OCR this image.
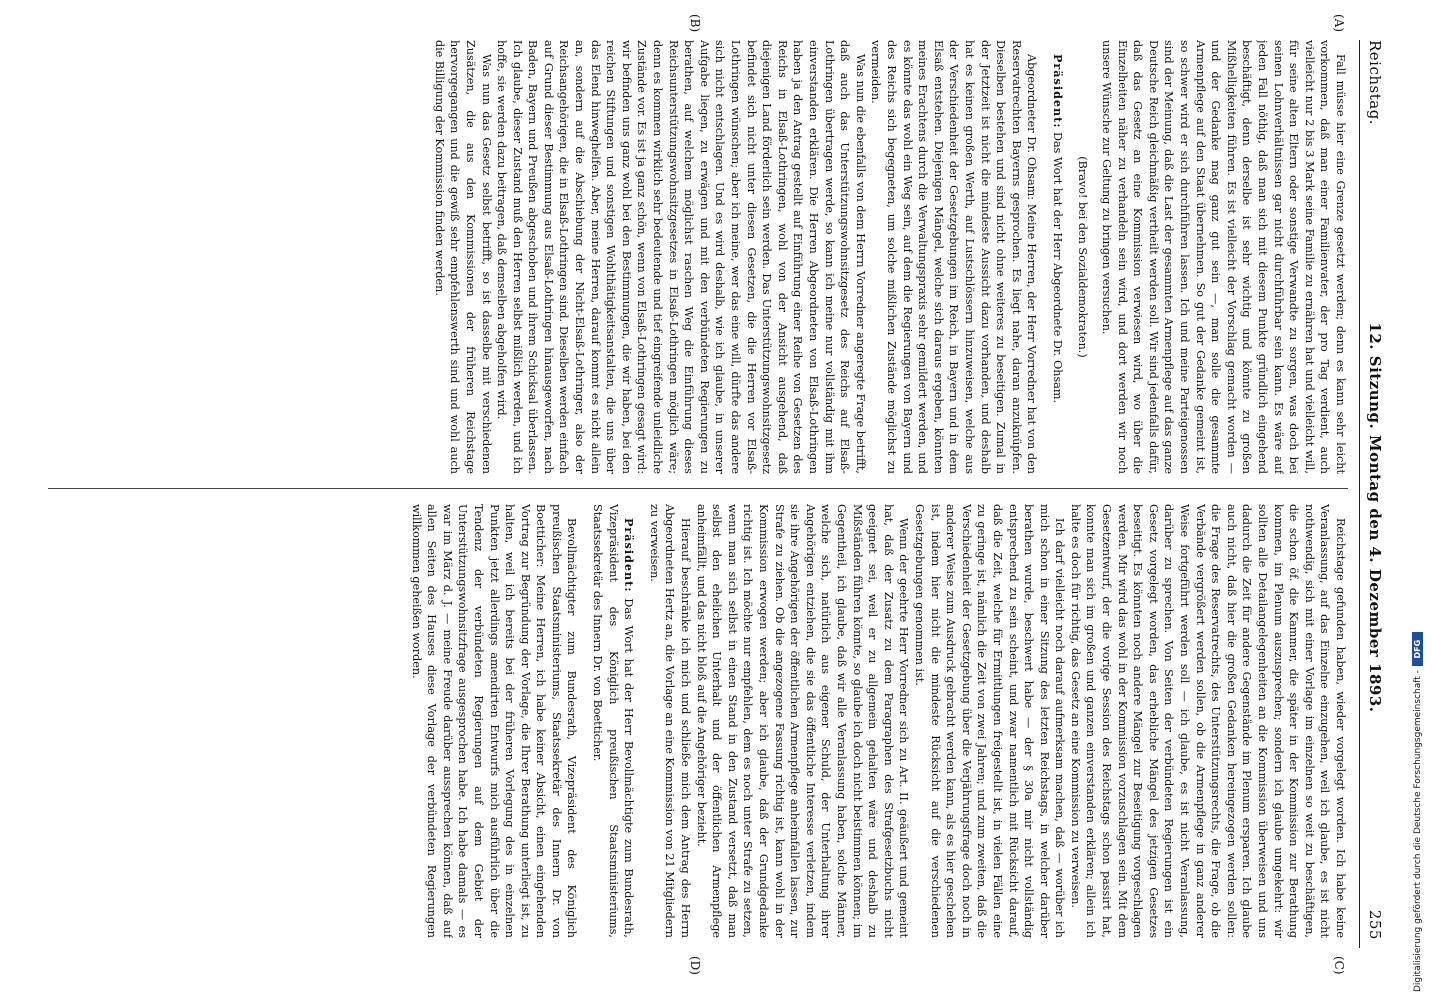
Reichstag.
12. Sitzung. Montag den 4. Dezember 1893.
255
(A)
(B)
(C)
(D)

Fall müsse hier eine Grenze gesetzt werden; denn es kann sehr leicht vorkommen, daß man einer Familienvater, der pro Tag verdient, auch vielleicht nur 2 bis 3 Mark seine Familie zu ernähren hat und vielleicht will, für seine alten Eltern oder sonstige Verwandte zu sorgen, was doch bei seinen Lohnverhältnissen gar nicht durchführbar sein kann. Es wäre auf jeden Fall nöthig, daß man sich mit diesem Punkte gründlich eingehend beschäftigt, denn derselbe ist sehr wichtig und könnte zu großen Mißhelligkeiten führen. Es ist vielleicht der Vorschlag gemacht worden — und der Gedanke mag ganz gut sein —, man solle die gesammte Armenpflege auf den Staat übernehmen. So gut der Gedanke gemeint ist, so schwer wird er sich durchführen lassen. Ich und meine Parteigenossen sind der Meinung, daß die Last der gesammten Armenpflege auf das ganze Deutsche Reich gleichmäßig vertheilt werden soll. Wir sind jedenfalls dafür, daß das Gesetz an eine Kommission verwiesen wird, wo über die Einzelheiten näher zu verhandeln sein wird, und dort werden wir noch unsere Wünsche zur Geltung zu bringen versuchen.

(Bravo! bei den Sozialdemokraten.)

Präsident: Das Wort hat der Herr Abgeordnete Dr. Ohsam.

Abgeordneter Dr. Ohsam: Meine Herren, der Herr Vorredner hat von den Reservatrechten Bayerns gesprochen. Es liegt nahe, daran anzuknüpfen. Dieselben bestehen und sind nicht ohne weiteres zu beseitigen. Zumal in der Jetztzeit ist nicht die mindeste Aussicht dazu vorhanden, und deshalb hat es keinen großen Werth, auf Lustschlössern hinzuweisen, welche aus der Verschiedenheit der Gesetzgebungen im Reich, in Bayern und in dem Elsaß entstehen. Diejenigen Mängel, welche sich daraus ergeben, könnten meines Erachtens durch die Verwaltungspraxis sehr gemildert werden, und es könnte das wohl ein Weg sein, auf dem die Regierungen von Bayern und des Reichs sich begegneten, um solche mißlichen Zustände möglichst zu vermeiden.

Was nun die ebenfalls von dem Herrn Vorredner angeregte Frage betrifft, daß auch das Unterstützungswohnsitzgesetz des Reichs auf Elsaß-Lothringen übertragen werde, so kann ich meine nur vollständig mit ihm einverstanden erklären. Die Herren Abgeordneten von Elsaß-Lothringen haben ja den Antrag gestellt auf Einführung einer Reihe von Gesetzen des Reichs in Elsaß-Lothringen, wohl von der Ansicht ausgehend, daß diejenigen Land förderlich sein werden. Das Unterstützungswohnsitzgesetz befindet sich nicht unter diesen Gesetzen, die die Herren vor Elsaß-Lothringen wünschen; aber ich meine, wer das eine will, dürfte das andere sich nicht entschlagen. Und es wird deshalb, wie ich glaube, in unserer Aufgabe liegen, zu erwägen und mit den verbündeten Regierungen zu berathen, auf welchem möglichst raschen Weg die Einführung dieses Reichsunterstützungswohnsitzgesetzes in Elsaß-Lothringen möglich wäre; denn es kommen wirklich sehr bedeutende und tief eingreifende unleidliche Zustände vor. Es ist ja ganz schön, wenn von Elsaß-Lothringen gesagt wird: wir befinden uns ganz wohl bei den Bestimmungen, die wir haben, bei den reichen Stiftungen und sonstigen Wohlthätigkeitsanstalten, die uns über das Elend hinweghelfen. Aber, meine Herren, darauf kommt es nicht allein an, sondern auf die Abschiebung der Nicht-Elsaß-Lothringer, also der Reichsangehörigen, die in Elsaß-Lothringen sind. Dieselben werden einfach auf Grund dieser Bestimmung aus Elsaß-Lothringen hinausgeworfen, nach Baden, Bayern und Preußen abgeschoben und ihrem Schicksal überlassen. Ich glaube, dieser Zustand muß den Herren selbst mißlich werden, und ich hoffe, sie werden dazu beitragen, daß demselben abgeholfen wird.

Was nun das Gesetz selbst betrifft, so ist dasselbe mit verschiedenen Zusätzen, die aus den Kommissionen der früheren Reichstage hervorgegangen und die gewiß sehr empfehlenswerth sind und wohl auch die Billigung der Kommission finden werden.

Reichstage gefunden haben, wieder vorgelegt worden. Ich habe keine Veranlassung, auf das Einzelne einzugehen, weil ich glaube, es ist nicht nothwendig, sich mit einer Vorlage im einzelnen so weit zu beschäftigen, die schon öf. die Kammer, die später in der Kommission zur Berathung kommen, im Plenum auszusprechen; sondern ich glaube umgekehrt: wir sollten alle Detailangelegenheiten an die Kommission überweisen und uns dadurch die Zeit für andere Gegenstände im Plenum ersparen. Ich glaube auch nicht, daß hier die großen Gedanken hereingezogen werden sollen: die Frage des Reservatrechts, des Unterstützungsrechts, die Frage, ob die Verbände vergrößert werden sollen, ob die Armenpflege in ganz anderer Weise fortgeführt werden soll — ich glaube, es ist nicht Veranlassung, darüber zu sprechen. Von Seiten der verbündeten Regierungen ist ein Gesetz vorgelegt worden, das erhebliche Mängel des jetzigen Gesetzes beseitigt. Es könnten noch andere Mängel zur Beseitigung vorgeschlagen werden. Mir wird das wohl in der Kommission vorzuschlagen sein. Mit dem Gesetzentwurf, der die vorige Session des Reichstags schon passirt hat, konnte man sich im großen und ganzen einverstanden erklären; allein ich halte es doch für richtig, das Gesetz an eine Kommission zu verweisen.

Ich darf vielleicht noch darauf aufmerksam machen, daß — worüber ich mich schon in einer Sitzung des letzten Reichstags, in welcher darüber berathen wurde, beschwert habe — der § 30a mir nicht vollständig entsprechend zu sein scheint, und zwar namentlich mit Rücksicht darauf, daß die Zeit, welche für Ermittlungen freigestellt ist, in vielen Fällen eine zu geringe ist, nämlich die Zeit von zwei Jahren; und zum zweiten, daß die Verschiedenheit der Gesetzgebung über die Verjährungsfrage doch noch in anderer Weise zum Ausdruck gebracht werden kann, als es hier geschehen ist, indem hier nicht die mindeste Rücksicht auf die verschiedenen Gesetzgebungen genommen ist.

Wenn der geehrte Herr Vorredner sich zu Art. II. geäußert und gemeint hat, daß der Zusatz zu dem Paragraphen des Strafgesetzbuchs nicht geeignet sei, weil er zu allgemein gehalten wäre und deshalb zu Mißständen führen könnte, so glaube ich doch nicht beistimmen können; im Gegentheil, ich glaube, daß wir alle Veranlassung haben, solche Männer, welche sich, natürlich aus eigener Schuld, der Unterhaltung ihrer Angehörigen entziehen, die sie das öffentliche Interesse verletzen, indem sie ihre Angehörigen der öffentlichen Armenpflege anheimfallen lassen, zur Strafe zu ziehen. Ob die angezogene Fassung richtig ist, kann wohl in der Kommission erwogen werden; aber ich glaube, daß der Grundgedanke richtig ist. Ich möchte nur empfehlen, dem es noch unter Strafe zu setzen, wenn man sich selbst in einen Stand in den Zustand versetzt, daß man selbst den ehelichen Unterhalt und der öffentlichen Armenpflege anheimfällt, und das nicht bloß auf die Angehöriger bezieht.

Hierauf beschränke ich mich und schließe mich dem Antrag des Herrn Abgeordneten Hertz an, die Vorlage an eine Kommission von 21 Mitgliedern zu verweisen.

Präsident: Das Wort hat der Herr Bevollmächtigte zum Bundesrath, Vizepräsident des Königlich preußischen Staatsministeriums, Staatssekretär des Innern Dr. von Boetticher.

Bevollmächtigter zum Bundesrath, Vizepräsident des Königlich preußischen Staatsministeriums, Staatssekretär des Innern Dr. von Boetticher: Meine Herren, ich habe keiner Absicht, einen eingehenden Vortrag zur Begründung der Vorlage, die Ihrer Berathung unterliegt ist, zu halten, weil ich bereits bei der früheren Vorlegung des in einzelnen Punkten jetzt allerdings amendirten Entwurfs mich ausführlich über die Tendenz der verbündeten Regierungen auf dem Gebiet der Unterstützungswohnsitzfrage ausgesprochen habe. Ich habe damals — es war im März d. J. — meine Freude darüber aussprechen können, daß auf allen Seiten des Hauses diese Vorlage der verbündeten Regierungen willkommen geheißen worden.

Digitalisierung gefördert durch die Deutsche Forschungsgemeinschaft -
DFG
